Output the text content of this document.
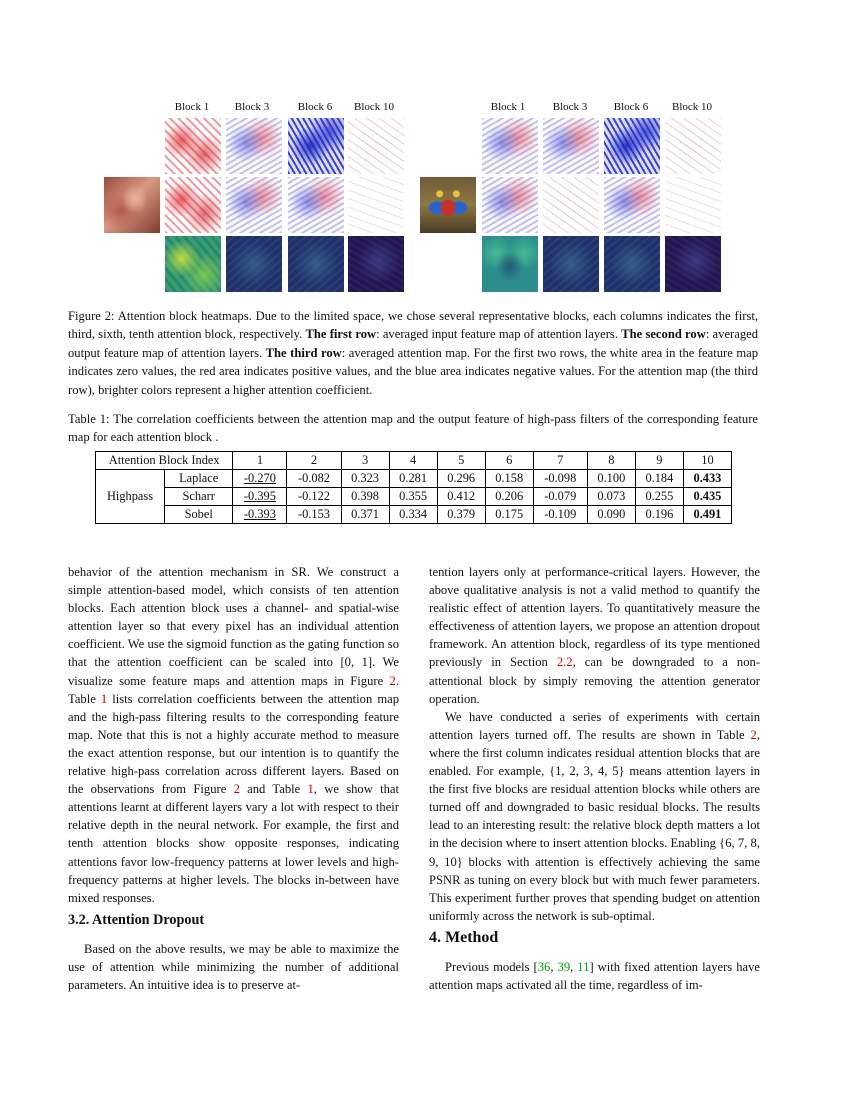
Block 1	Block 3	Block 6	Block 10	Block 1	Block 3	Block 6	Block 10
Figure 2: Attention block heatmaps. Due to the limited space, we chose several representative blocks, each columns indicates the first, third, sixth, tenth attention block, respectively. The first row: averaged input feature map of attention layers. The second row: averaged output feature map of attention layers. The third row: averaged attention map. For the first two rows, the white area in the feature map indicates zero values, the red area indicates positive values, and the blue area indicates negative values. For the attention map (the third row), brighter colors represent a higher attention coefficient.
Table 1: The correlation coefficients between the attention map and the output feature of high-pass filters of the corresponding feature map for each attention block .
Attention Block Index		1	2	3	4	5	6	7	8	9	10
Highpass	Laplace	-0.270	-0.082	0.323	0.281	0.296	0.158	-0.098	0.100	0.184	0.433
	Scharr	-0.395	-0.122	0.398	0.355	0.412	0.206	-0.079	0.073	0.255	0.435
	Sobel	-0.393	-0.153	0.371	0.334	0.379	0.175	-0.109	0.090	0.196	0.491

behavior of the attention mechanism in SR. We construct a simple attention-based model, which consists of ten attention blocks. Each attention block uses a channel- and spatial-wise attention layer so that every pixel has an individual attention coefficient. We use the sigmoid function as the gating function so that the attention coefficient can be scaled into [0, 1]. We visualize some feature maps and attention maps in Figure 2. Table 1 lists correlation coefficients between the attention map and the high-pass filtering results to the corresponding feature map. Note that this is not a highly accurate method to measure the exact attention response, but our intention is to quantify the relative high-pass correlation across different layers. Based on the observations from Figure 2 and Table 1, we show that attentions learnt at different layers vary a lot with respect to their relative depth in the neural network. For example, the first and tenth attention blocks show opposite responses, indicating attentions favor low-frequency patterns at lower levels and high-frequency patterns at higher levels. The blocks in-between have mixed responses.

3.2. Attention Dropout

Based on the above results, we may be able to maximize the use of attention while minimizing the number of additional parameters. An intuitive idea is to preserve at-

tention layers only at performance-critical layers. However, the above qualitative analysis is not a valid method to quantify the realistic effect of attention layers. To quantitatively measure the effectiveness of attention layers, we propose an attention dropout framework. An attention block, regardless of its type mentioned previously in Section 2.2, can be downgraded to a non-attentional block by simply removing the attention generator operation.

We have conducted a series of experiments with certain attention layers turned off. The results are shown in Table 2, where the first column indicates residual attention blocks that are enabled. For example, {1, 2, 3, 4, 5} means attention layers in the first five blocks are residual attention blocks while others are turned off and downgraded to basic residual blocks. The results lead to an interesting result: the relative block depth matters a lot in the decision where to insert attention blocks. Enabling {6, 7, 8, 9, 10} blocks with attention is effectively achieving the same PSNR as tuning on every block but with much fewer parameters. This experiment further proves that spending budget on attention uniformly across the network is sub-optimal.

4. Method

Previous models [36, 39, 11] with fixed attention layers have attention maps activated all the time, regardless of im-
